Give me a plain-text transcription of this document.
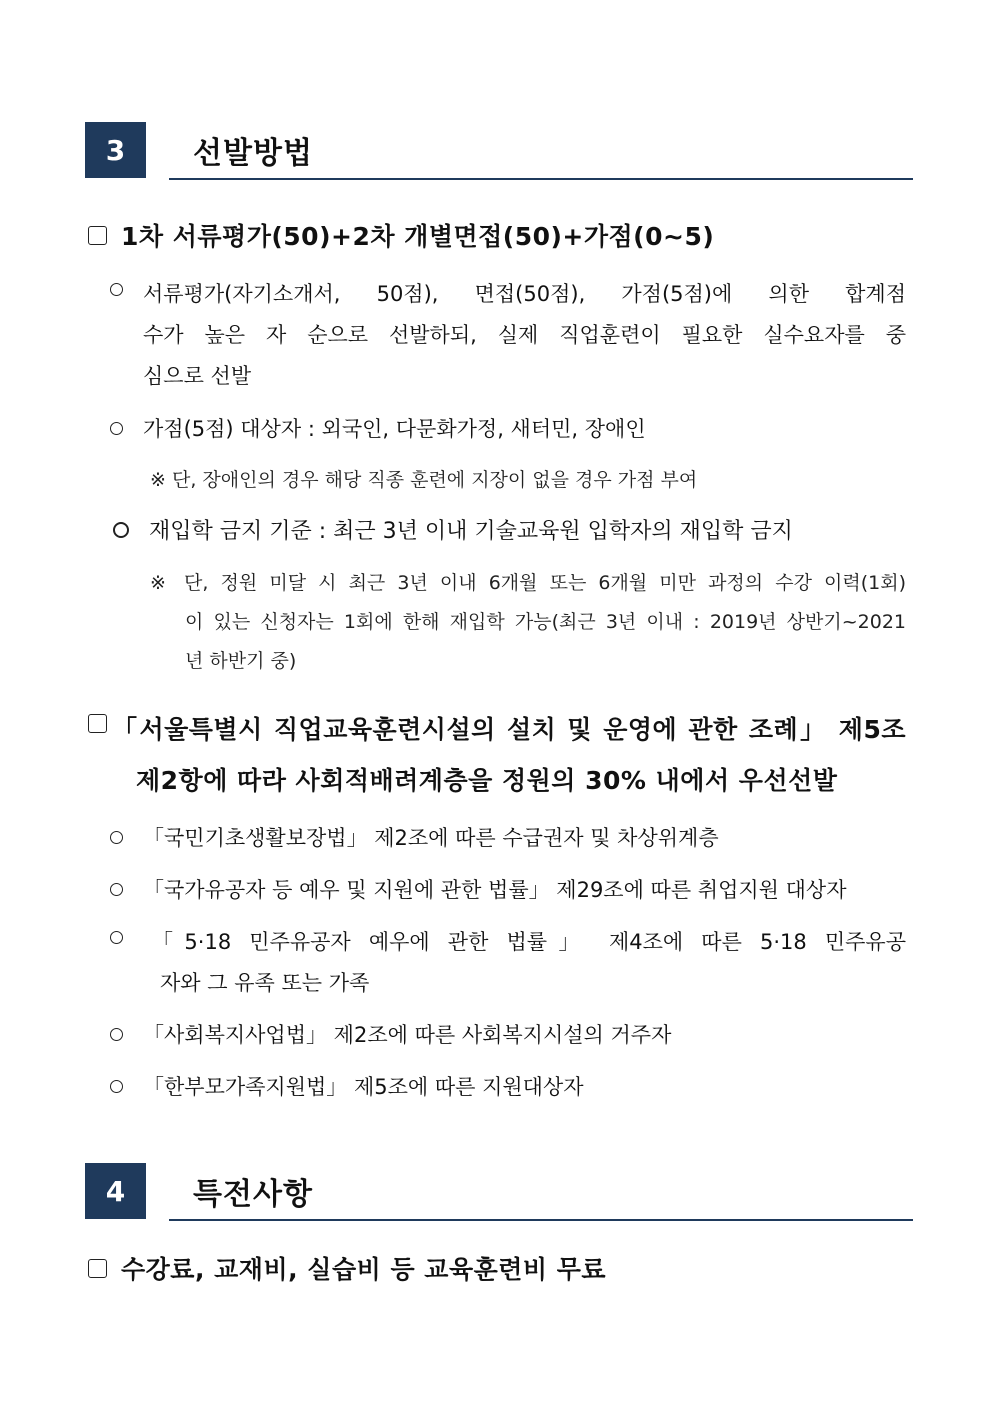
3	선발방법
1차 서류평가(50)+2차 개별면접(50)+가점(0~5)
서류평가(자기소개서, 50점), 면접(50점), 가점(5점)에 의한 합계점
수가 높은 자 순으로 선발하되, 실제 직업훈련이 필요한 실수요자를 중
심으로 선발
가점(5점) 대상자 : 외국인, 다문화가정, 새터민, 장애인
※ 단, 장애인의 경우 해당 직종 훈련에 지장이 없을 경우 가점 부여
재입학 금지 기준 : 최근 3년 이내 기술교육원 입학자의 재입학 금지
※ 단, 정원 미달 시 최근 3년 이내 6개월 또는 6개월 미만 과정의 수강 이력(1회)
이 있는 신청자는 1회에 한해 재입학 가능(최근 3년 이내 : 2019년 상반기~2021
년 하반기 중)
「서울특별시 직업교육훈련시설의 설치 및 운영에 관한 조례」 제5조
제2항에 따라 사회적배려계층을 정원의 30% 내에서 우선선발
「국민기초생활보장법」 제2조에 따른 수급권자 및 차상위계층
「국가유공자 등 예우 및 지원에 관한 법률」 제29조에 따른 취업지원 대상자
「5·18 민주유공자 예우에 관한 법률」 제4조에 따른 5·18 민주유공
자와 그 유족 또는 가족
「사회복지사업법」 제2조에 따른 사회복지시설의 거주자
「한부모가족지원법」 제5조에 따른 지원대상자
4	특전사항
수강료, 교재비, 실습비 등 교육훈련비 무료
